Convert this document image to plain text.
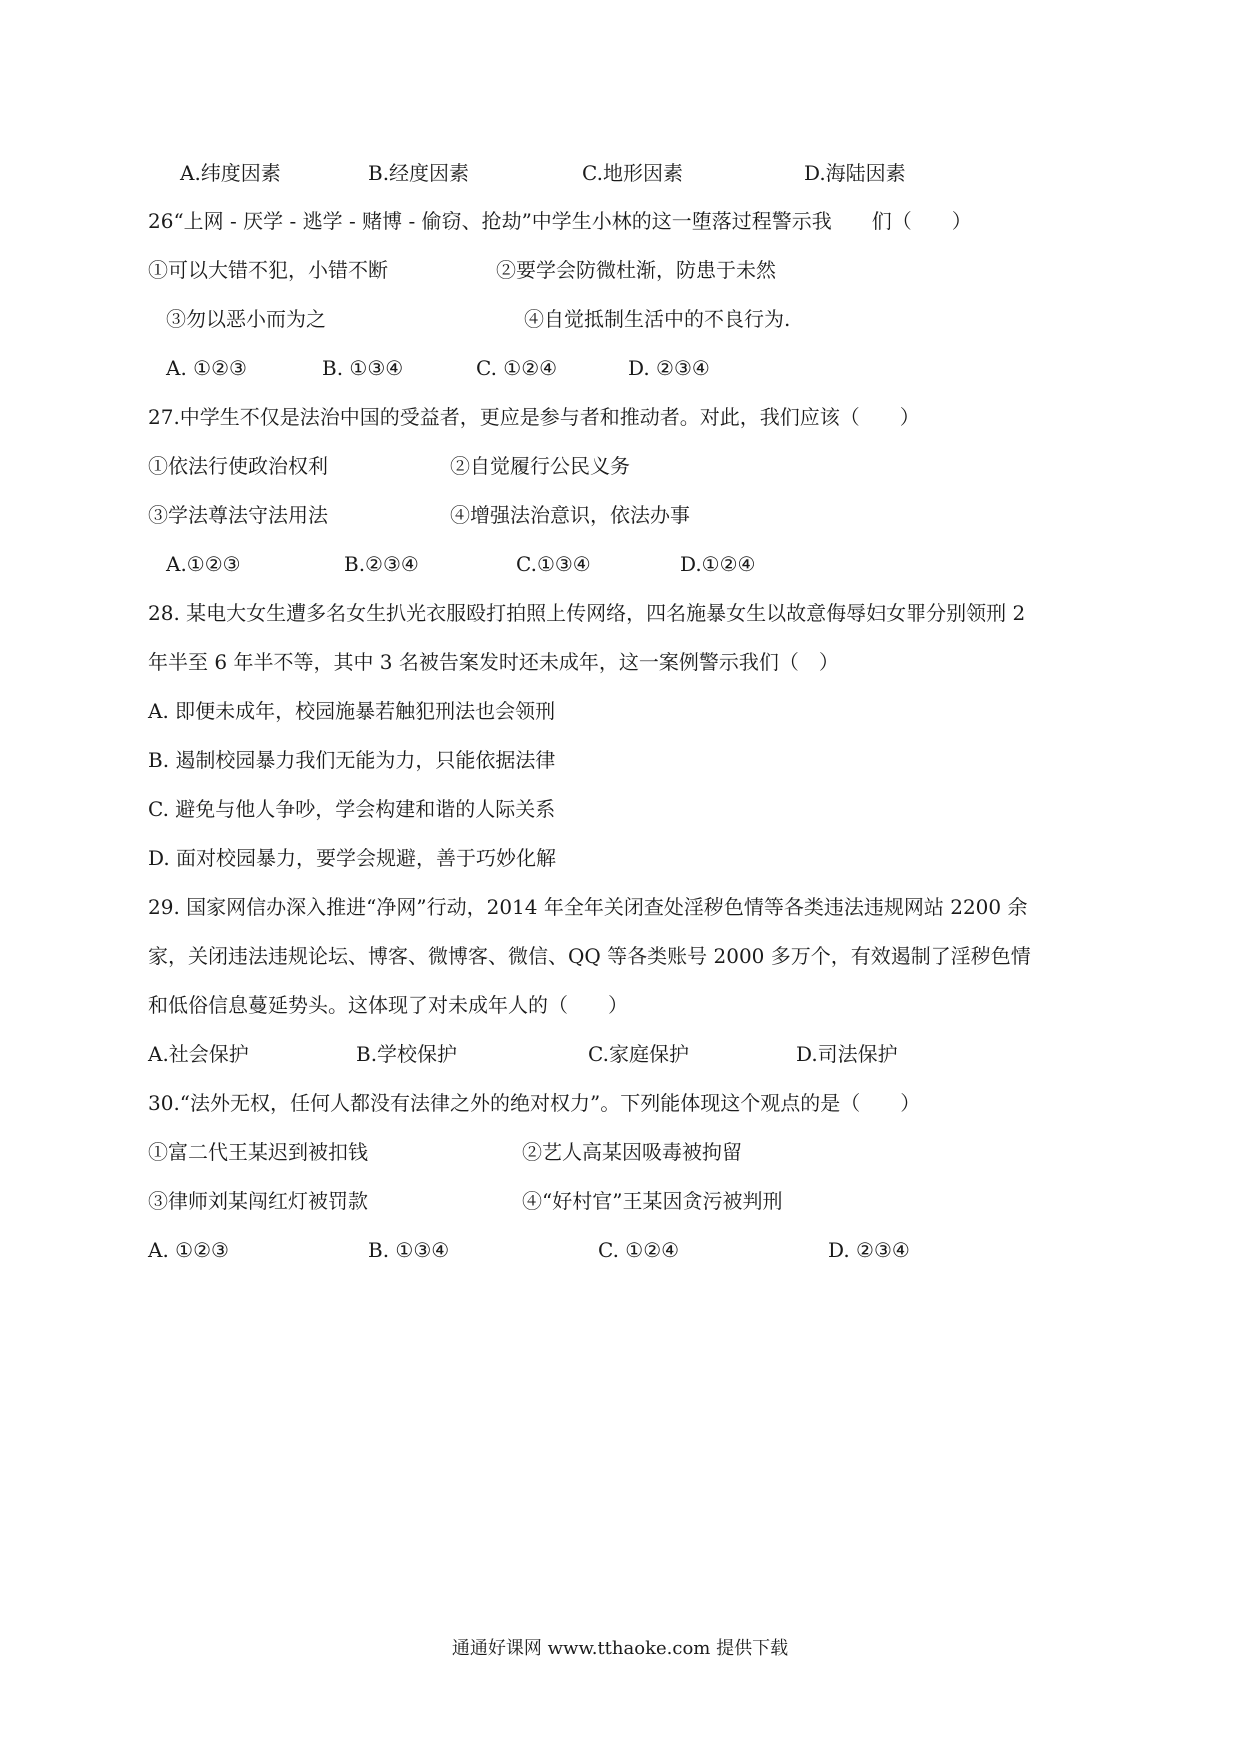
A.纬度因素	B.经度因素	C.地形因素	D.海陆因素
26“上网 - 厌学 - 逃学 - 赌博 - 偷窃、抢劫”中学生小林的这一堕落过程警示我　　们（　　）
①可以大错不犯，小错不断	②要学会防微杜渐，防患于未然
③勿以恶小而为之	④自觉抵制生活中的不良行为.
A. ①②③	B. ①③④	C. ①②④	D. ②③④
27.中学生不仅是法治中国的受益者，更应是参与者和推动者。对此，我们应该（　　）
①依法行使政治权利	②自觉履行公民义务
③学法尊法守法用法	④增强法治意识，依法办事
A.①②③	B.②③④	C.①③④	D.①②④
28. 某电大女生遭多名女生扒光衣服殴打拍照上传网络，四名施暴女生以故意侮辱妇女罪分别领刑 2
年半至 6 年半不等，其中 3 名被告案发时还未成年，这一案例警示我们（　）
A. 即便未成年，校园施暴若触犯刑法也会领刑
B. 遏制校园暴力我们无能为力，只能依据法律
C. 避免与他人争吵，学会构建和谐的人际关系
D. 面对校园暴力，要学会规避，善于巧妙化解
29. 国家网信办深入推进“净网”行动，2014 年全年关闭查处淫秽色情等各类违法违规网站 2200 余
家，关闭违法违规论坛、博客、微博客、微信、QQ 等各类账号 2000 多万个，有效遏制了淫秽色情
和低俗信息蔓延势头。这体现了对未成年人的（　　）
A.社会保护	B.学校保护	C.家庭保护	D.司法保护
30.“法外无权，任何人都没有法律之外的绝对权力”。下列能体现这个观点的是（　　）
①富二代王某迟到被扣钱	②艺人高某因吸毒被拘留
③律师刘某闯红灯被罚款	④“好村官”王某因贪污被判刑
A. ①②③	B. ①③④	C. ①②④	D. ②③④
通通好课网 www.tthaoke.com 提供下载
